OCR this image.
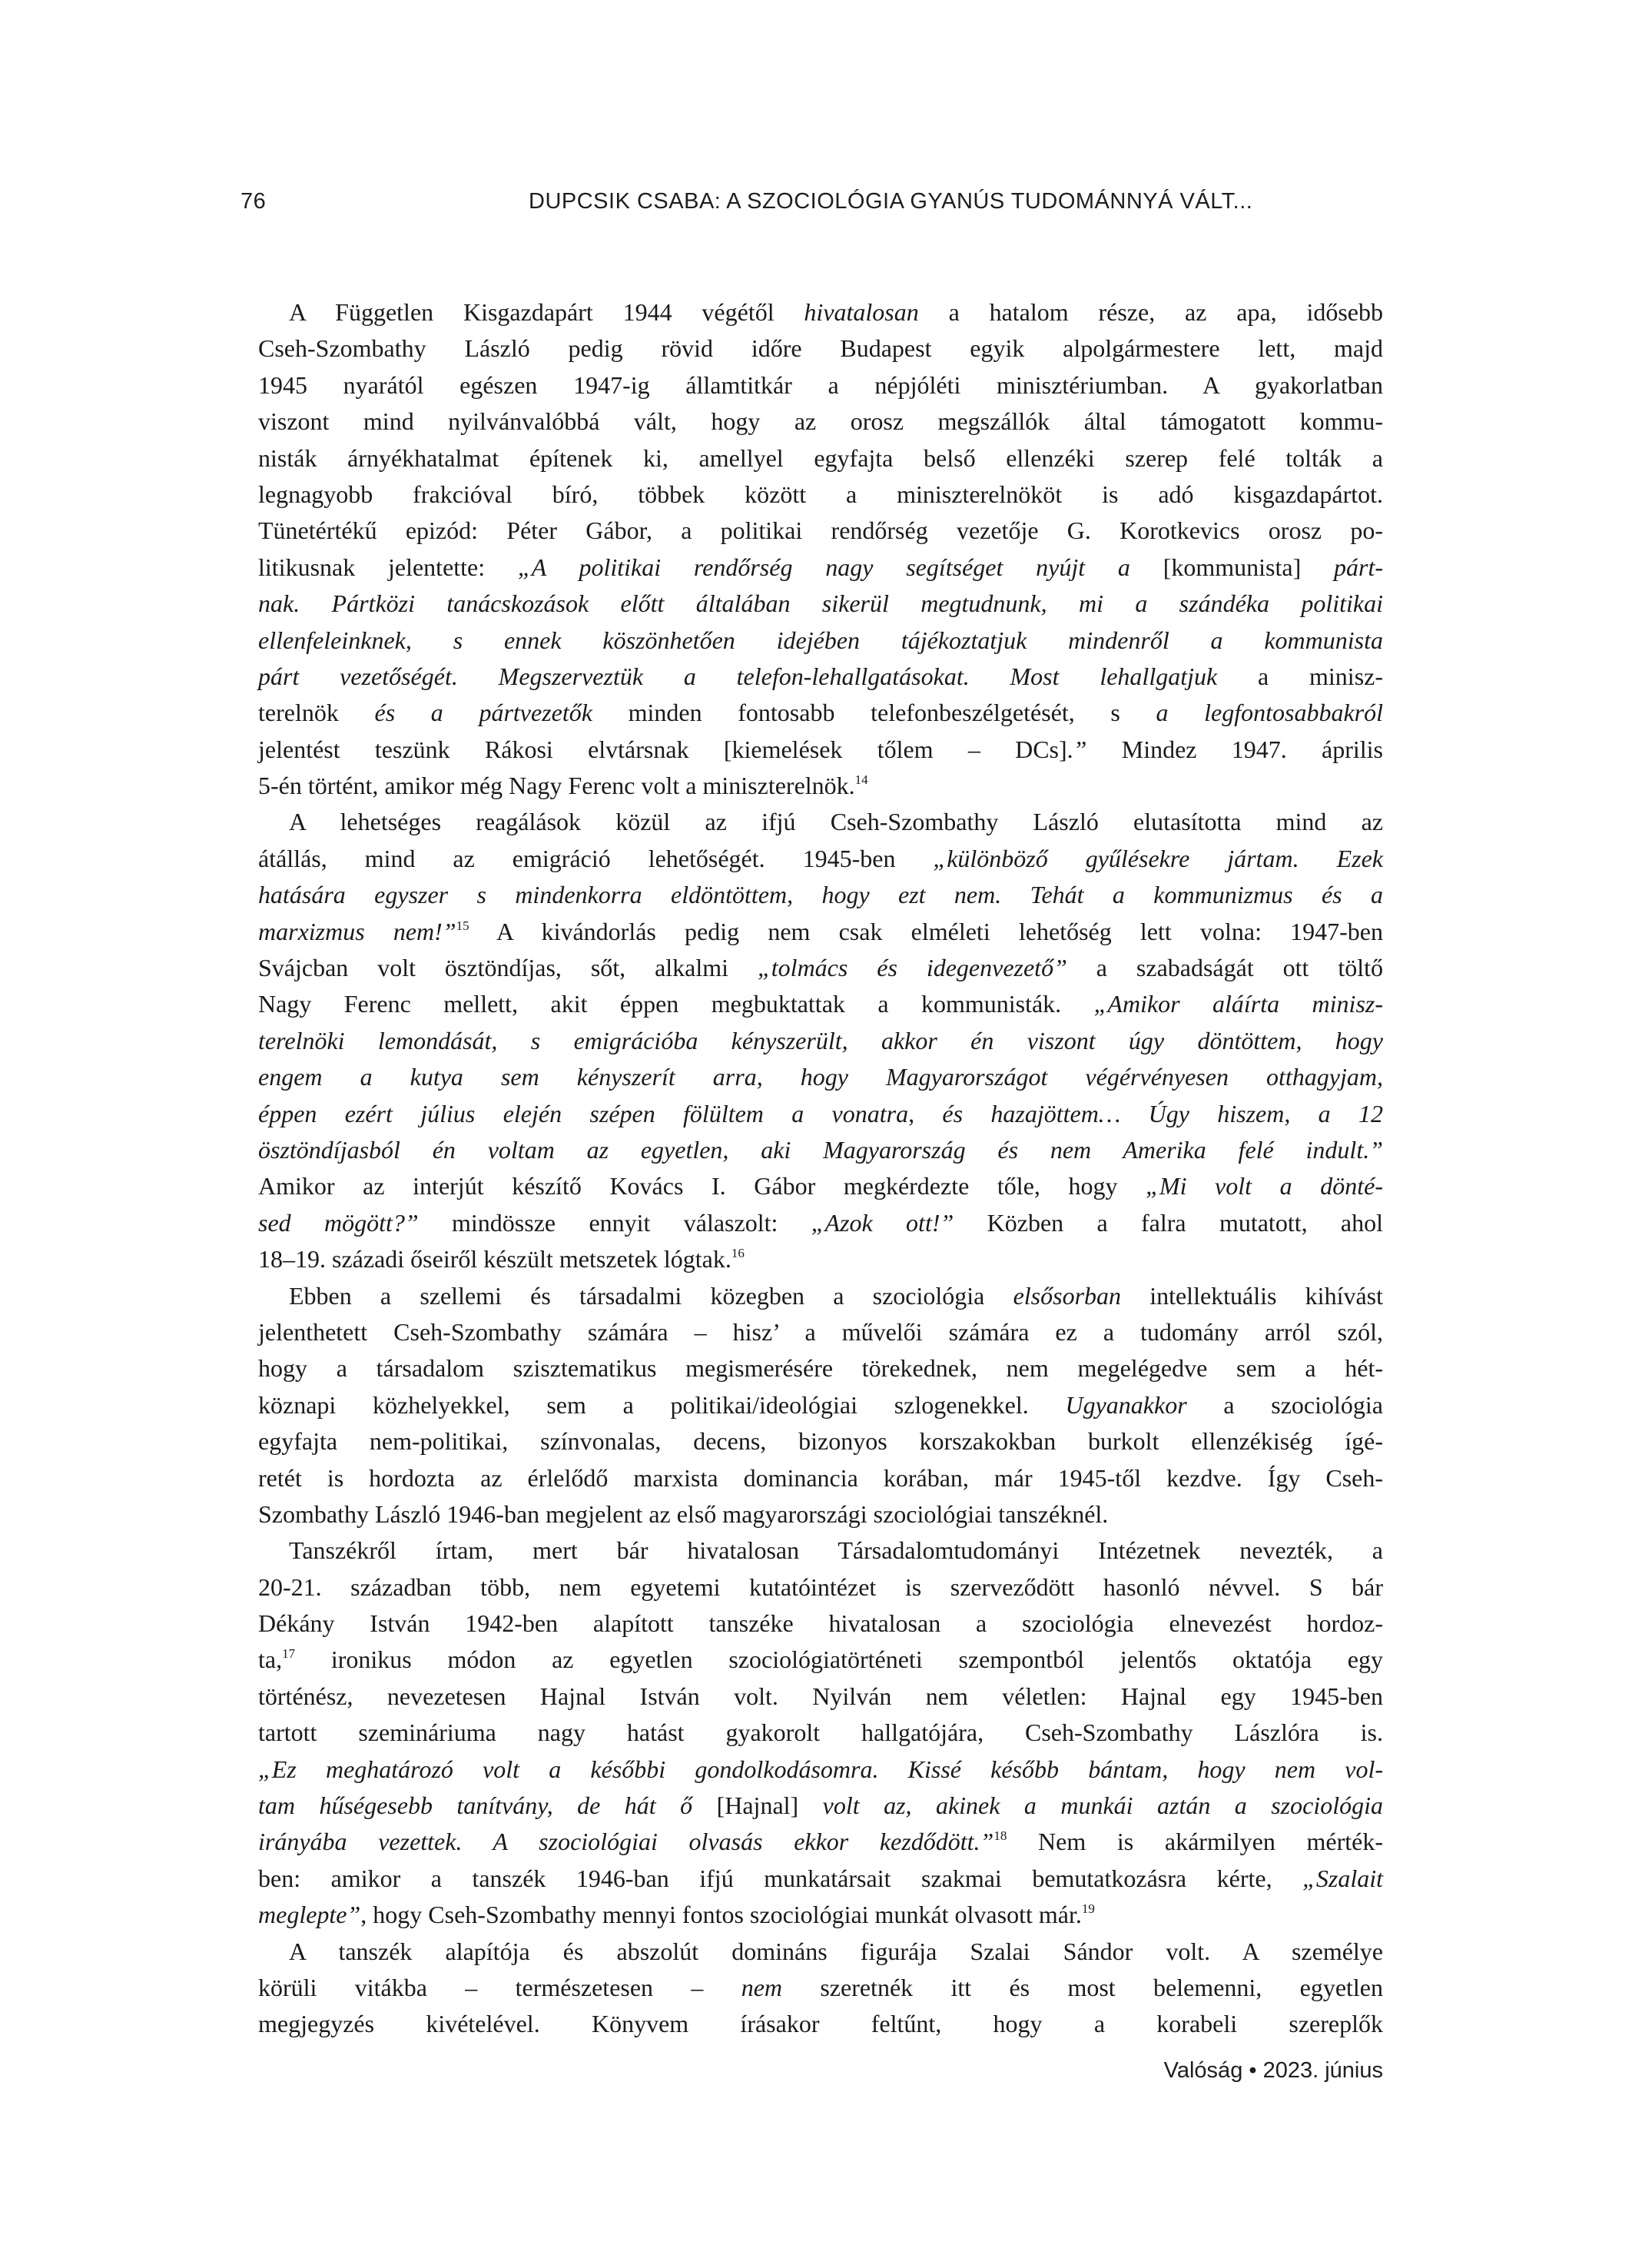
76	DUPCSIK CSABA: A SZOCIOLÓGIA GYANÚS TUDOMÁNNYÁ VÁLT...
A Független Kisgazdapárt 1944 végétől hivatalosan a hatalom része, az apa, idősebb
Cseh-Szombathy László pedig rövid időre Budapest egyik alpolgármestere lett, majd
1945 nyarától egészen 1947-ig államtitkár a népjóléti minisztériumban. A gyakorlatban
viszont mind nyilvánvalóbbá vált, hogy az orosz megszállók által támogatott kommu-
nisták árnyékhatalmat építenek ki, amellyel egyfajta belső ellenzéki szerep felé tolták a
legnagyobb frakcióval bíró, többek között a miniszterelnököt is adó kisgazdapártot.
Tünetértékű epizód: Péter Gábor, a politikai rendőrség vezetője G. Korotkevics orosz po-
litikusnak jelentette: „A politikai rendőrség nagy segítséget nyújt a [kommunista] párt-
nak. Pártközi tanácskozások előtt általában sikerül megtudnunk, mi a szándéka politikai
ellenfeleinknek, s ennek köszönhetően idejében tájékoztatjuk mindenről a kommunista
párt vezetőségét. Megszerveztük a telefon-lehallgatásokat. Most lehallgatjuk a minisz-
terelnök és a pártvezetők minden fontosabb telefonbeszélgetését, s a legfontosabbakról
jelentést teszünk Rákosi elvtársnak [kiemelések tőlem – DCs].” Mindez 1947. április
5-én történt, amikor még Nagy Ferenc volt a miniszterelnök.$^{14}$
A lehetséges reagálások közül az ifjú Cseh-Szombathy László elutasította mind az
átállás, mind az emigráció lehetőségét. 1945-ben „különböző gyűlésekre jártam. Ezek
hatására egyszer s mindenkorra eldöntöttem, hogy ezt nem. Tehát a kommunizmus és a
marxizmus nem!”$^{15}$ A kivándorlás pedig nem csak elméleti lehetőség lett volna: 1947-ben
Svájcban volt ösztöndíjas, sőt, alkalmi „tolmács és idegenvezető” a szabadságát ott töltő
Nagy Ferenc mellett, akit éppen megbuktattak a kommunisták. „Amikor aláírta minisz-
terelnöki lemondását, s emigrációba kényszerült, akkor én viszont úgy döntöttem, hogy
engem a kutya sem kényszerít arra, hogy Magyarországot végérvényesen otthagyjam,
éppen ezért július elején szépen fölültem a vonatra, és hazajöttem… Úgy hiszem, a 12
ösztöndíjasból én voltam az egyetlen, aki Magyarország és nem Amerika felé indult.”
Amikor az interjút készítő Kovács I. Gábor megkérdezte tőle, hogy „Mi volt a dönté-
sed mögött?” mindössze ennyit válaszolt: „Azok ott!” Közben a falra mutatott, ahol
18–19. századi őseiről készült metszetek lógtak.$^{16}$
Ebben a szellemi és társadalmi közegben a szociológia elsősorban intellektuális kihívást
jelenthetett Cseh-Szombathy számára – hisz’ a művelői számára ez a tudomány arról szól,
hogy a társadalom szisztematikus megismerésére törekednek, nem megelégedve sem a hét-
köznapi közhelyekkel, sem a politikai/ideológiai szlogenekkel. Ugyanakkor a szociológia
egyfajta nem-politikai, színvonalas, decens, bizonyos korszakokban burkolt ellenzékiség ígé-
retét is hordozta az érlelődő marxista dominancia korában, már 1945-től kezdve. Így Cseh-
Szombathy László 1946-ban megjelent az első magyarországi szociológiai tanszéknél.
Tanszékről írtam, mert bár hivatalosan Társadalomtudományi Intézetnek nevezték, a
20-21. században több, nem egyetemi kutatóintézet is szerveződött hasonló névvel. S bár
Dékány István 1942-ben alapított tanszéke hivatalosan a szociológia elnevezést hordoz-
ta,$^{17}$ ironikus módon az egyetlen szociológiatörténeti szempontból jelentős oktatója egy
történész, nevezetesen Hajnal István volt. Nyilván nem véletlen: Hajnal egy 1945-ben
tartott szemináriuma nagy hatást gyakorolt hallgatójára, Cseh-Szombathy Lászlóra is.
„Ez meghatározó volt a későbbi gondolkodásomra. Kissé később bántam, hogy nem vol-
tam hűségesebb tanítvány, de hát ő [Hajnal] volt az, akinek a munkái aztán a szociológia
irányába vezettek. A szociológiai olvasás ekkor kezdődött.”$^{18}$ Nem is akármilyen mérték-
ben: amikor a tanszék 1946-ban ifjú munkatársait szakmai bemutatkozásra kérte, „Szalait
meglepte”, hogy Cseh-Szombathy mennyi fontos szociológiai munkát olvasott már.$^{19}$
A tanszék alapítója és abszolút domináns figurája Szalai Sándor volt. A személye
körüli vitákba – természetesen – nem szeretnék itt és most belemenni, egyetlen
megjegyzés kivételével. Könyvem írásakor feltűnt, hogy a korabeli szereplők
Valóság • 2023. június
